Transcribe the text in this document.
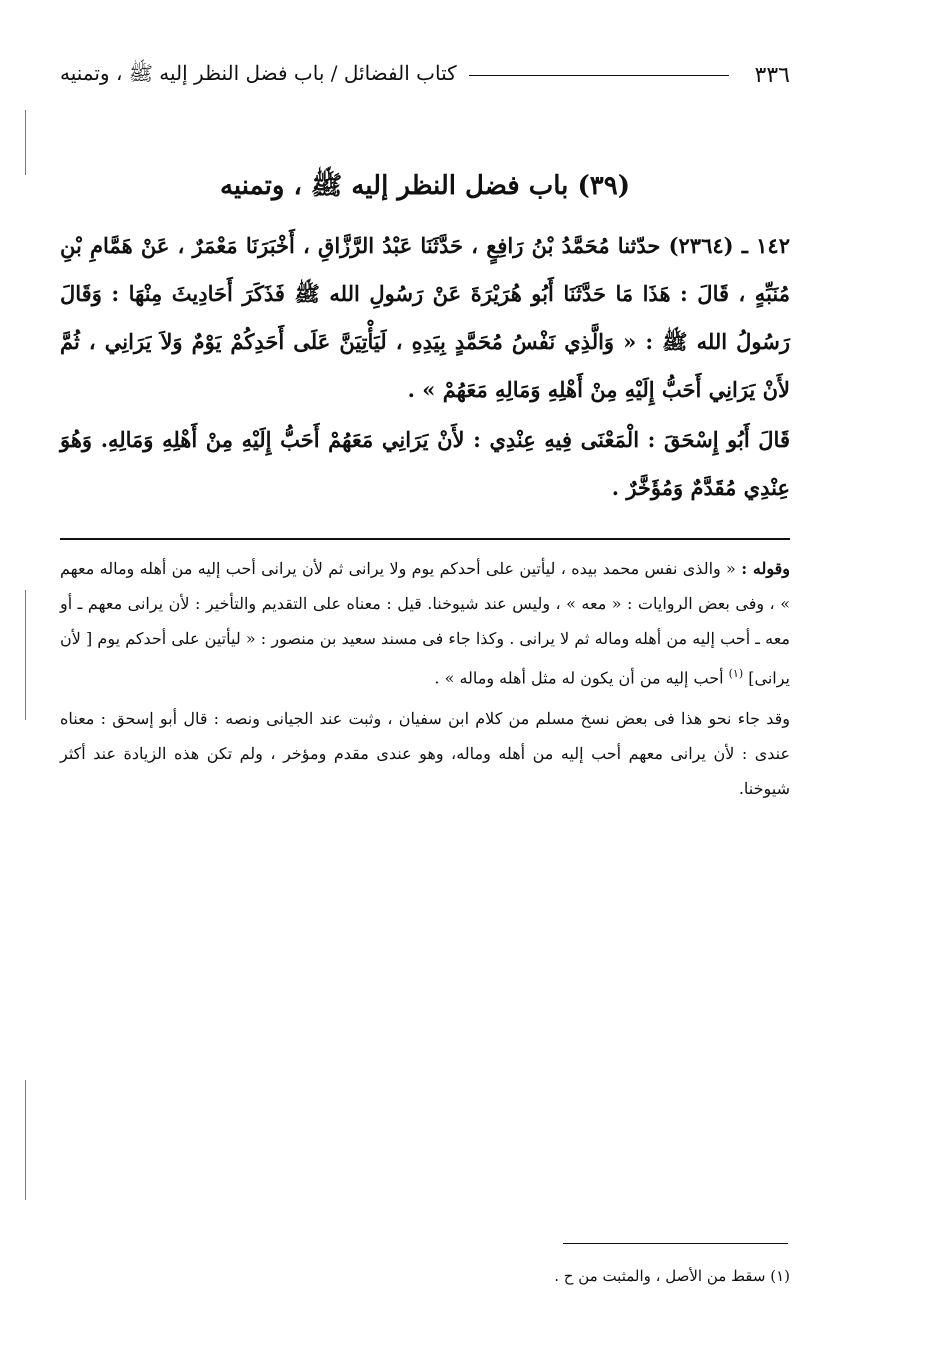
٣٣٦
كتاب الفضائل / باب فضل النظر إليه ﷺ ، وتمنيه
(٣٩) باب فضل النظر إليه ﷺ ، وتمنيه

١٤٢ ـ (٢٣٦٤) حدّثنا مُحَمَّدُ بْنُ رَافِعٍ ، حَدَّثَنَا عَبْدُ الرَّزَّاقِ ، أَخْبَرَنَا مَعْمَرٌ ، عَنْ هَمَّامِ بْنِ مُنَبِّهٍ ، قَالَ : هَذَا مَا حَدَّثَنَا أَبُو هُرَيْرَةَ عَنْ رَسُولِ الله ﷺ فَذَكَرَ أَحَادِيثَ مِنْهَا : وَقَالَ رَسُولُ الله ﷺ : « وَالَّذِي نَفْسُ مُحَمَّدٍ بِيَدِهِ ، لَيَأْتِيَنَّ عَلَى أَحَدِكُمْ يَوْمٌ وَلاَ يَرَانِي ، ثُمَّ لأَنْ يَرَانِي أَحَبُّ إِلَيْهِ مِنْ أَهْلِهِ وَمَالِهِ مَعَهُمْ » .

قَالَ أَبُو إِسْحَقَ : الْمَعْنَى فِيهِ عِنْدِي : لأَنْ يَرَانِي مَعَهُمْ أَحَبُّ إِلَيْهِ مِنْ أَهْلِهِ وَمَالِهِ. وَهُوَ عِنْدِي مُقَدَّمٌ وَمُؤَخَّرٌ .

وقوله : « والذى نفس محمد بيده ، ليأتين على أحدكم يوم ولا يرانى ثم لأن يرانى أحب إليه من أهله وماله معهم » ، وفى بعض الروايات : « معه » ، وليس عند شيوخنا. قيل : معناه على التقديم والتأخير : لأن يرانى معهم ـ أو معه ـ أحب إليه من أهله وماله ثم لا يرانى . وكذا جاء فى مسند سعيد بن منصور : « ليأتين على أحدكم يوم [ لأن يرانى] $^{(١)}$ أحب إليه من أن يكون له مثل أهله وماله » .

وقد جاء نحو هذا فى بعض نسخ مسلم من كلام ابن سفيان ، وثبت عند الجيانى ونصه : قال أبو إسحق : معناه عندى : لأن يرانى معهم أحب إليه من أهله وماله، وهو عندى مقدم ومؤخر ، ولم تكن هذه الزيادة عند أكثر شيوخنا.

(١) سقط من الأصل ، والمثبت من ح .
